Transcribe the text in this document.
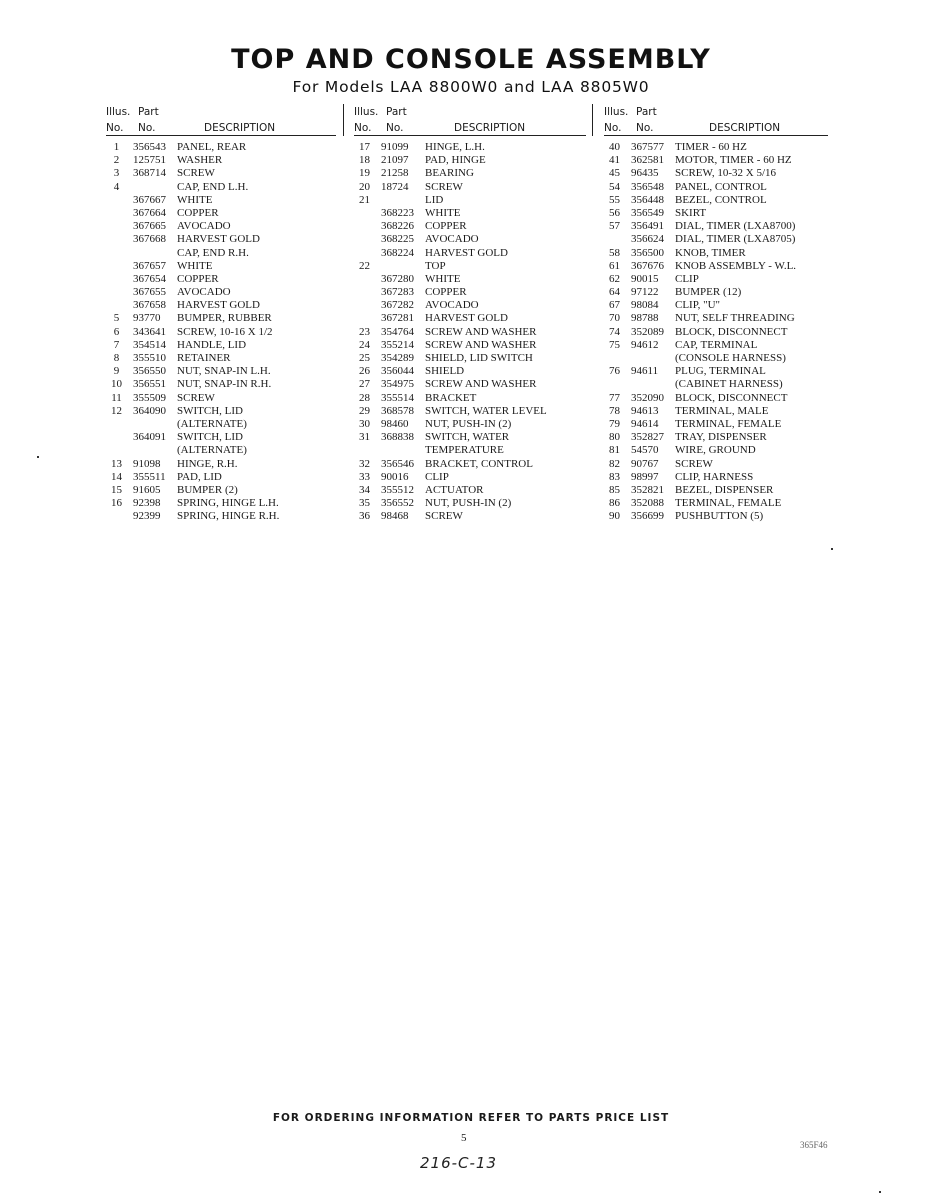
TOP AND CONSOLE ASSEMBLY
For Models LAA 8800W0 and LAA 8805W0
Illus. Part
No. No.	DESCRIPTION
1	356543	PANEL, REAR
2	125751	WASHER
3	368714	SCREW
4	CAP, END L.H.
367667	WHITE
367664	COPPER
367665	AVOCADO
367668	HARVEST GOLD
CAP, END R.H.
367657	WHITE
367654	COPPER
367655	AVOCADO
367658	HARVEST GOLD
5	93770	BUMPER, RUBBER
6	343641	SCREW, 10-16 X 1/2
7	354514	HANDLE, LID
8	355510	RETAINER
9	356550	NUT, SNAP-IN L.H.
10	356551	NUT, SNAP-IN R.H.
11	355509	SCREW
12	364090	SWITCH, LID
(ALTERNATE)
364091	SWITCH, LID
(ALTERNATE)
13	91098	HINGE, R.H.
14	355511	PAD, LID
15	91605	BUMPER (2)
16	92398	SPRING, HINGE L.H.
92399	SPRING, HINGE R.H.
Illus. Part
No. No.	DESCRIPTION
17	91099	HINGE, L.H.
18	21097	PAD, HINGE
19	21258	BEARING
20	18724	SCREW
21	LID
368223	WHITE
368226	COPPER
368225	AVOCADO
368224	HARVEST GOLD
22	TOP
367280	WHITE
367283	COPPER
367282	AVOCADO
367281	HARVEST GOLD
23	354764	SCREW AND WASHER
24	355214	SCREW AND WASHER
25	354289	SHIELD, LID SWITCH
26	356044	SHIELD
27	354975	SCREW AND WASHER
28	355514	BRACKET
29	368578	SWITCH, WATER LEVEL
30	98460	NUT, PUSH-IN (2)
31	368838	SWITCH, WATER
TEMPERATURE
32	356546	BRACKET, CONTROL
33	90016	CLIP
34	355512	ACTUATOR
35	356552	NUT, PUSH-IN (2)
36	98468	SCREW
Illus. Part
No. No.	DESCRIPTION
40	367577	TIMER - 60 HZ
41	362581	MOTOR, TIMER - 60 HZ
45	96435	SCREW, 10-32 X 5/16
54	356548	PANEL, CONTROL
55	356448	BEZEL, CONTROL
56	356549	SKIRT
57	356491	DIAL, TIMER (LXA8700)
356624	DIAL, TIMER (LXA8705)
58	356500	KNOB, TIMER
61	367676	KNOB ASSEMBLY - W.L.
62	90015	CLIP
64	97122	BUMPER (12)
67	98084	CLIP, "U"
70	98788	NUT, SELF THREADING
74	352089	BLOCK, DISCONNECT
75	94612	CAP, TERMINAL
(CONSOLE HARNESS)
76	94611	PLUG, TERMINAL
(CABINET HARNESS)
77	352090	BLOCK, DISCONNECT
78	94613	TERMINAL, MALE
79	94614	TERMINAL, FEMALE
80	352827	TRAY, DISPENSER
81	54570	WIRE, GROUND
82	90767	SCREW
83	98997	CLIP, HARNESS
85	352821	BEZEL, DISPENSER
86	352088	TERMINAL, FEMALE
90	356699	PUSHBUTTON (5)
FOR ORDERING INFORMATION REFER TO PARTS PRICE LIST
5
216-C-13
365F46
